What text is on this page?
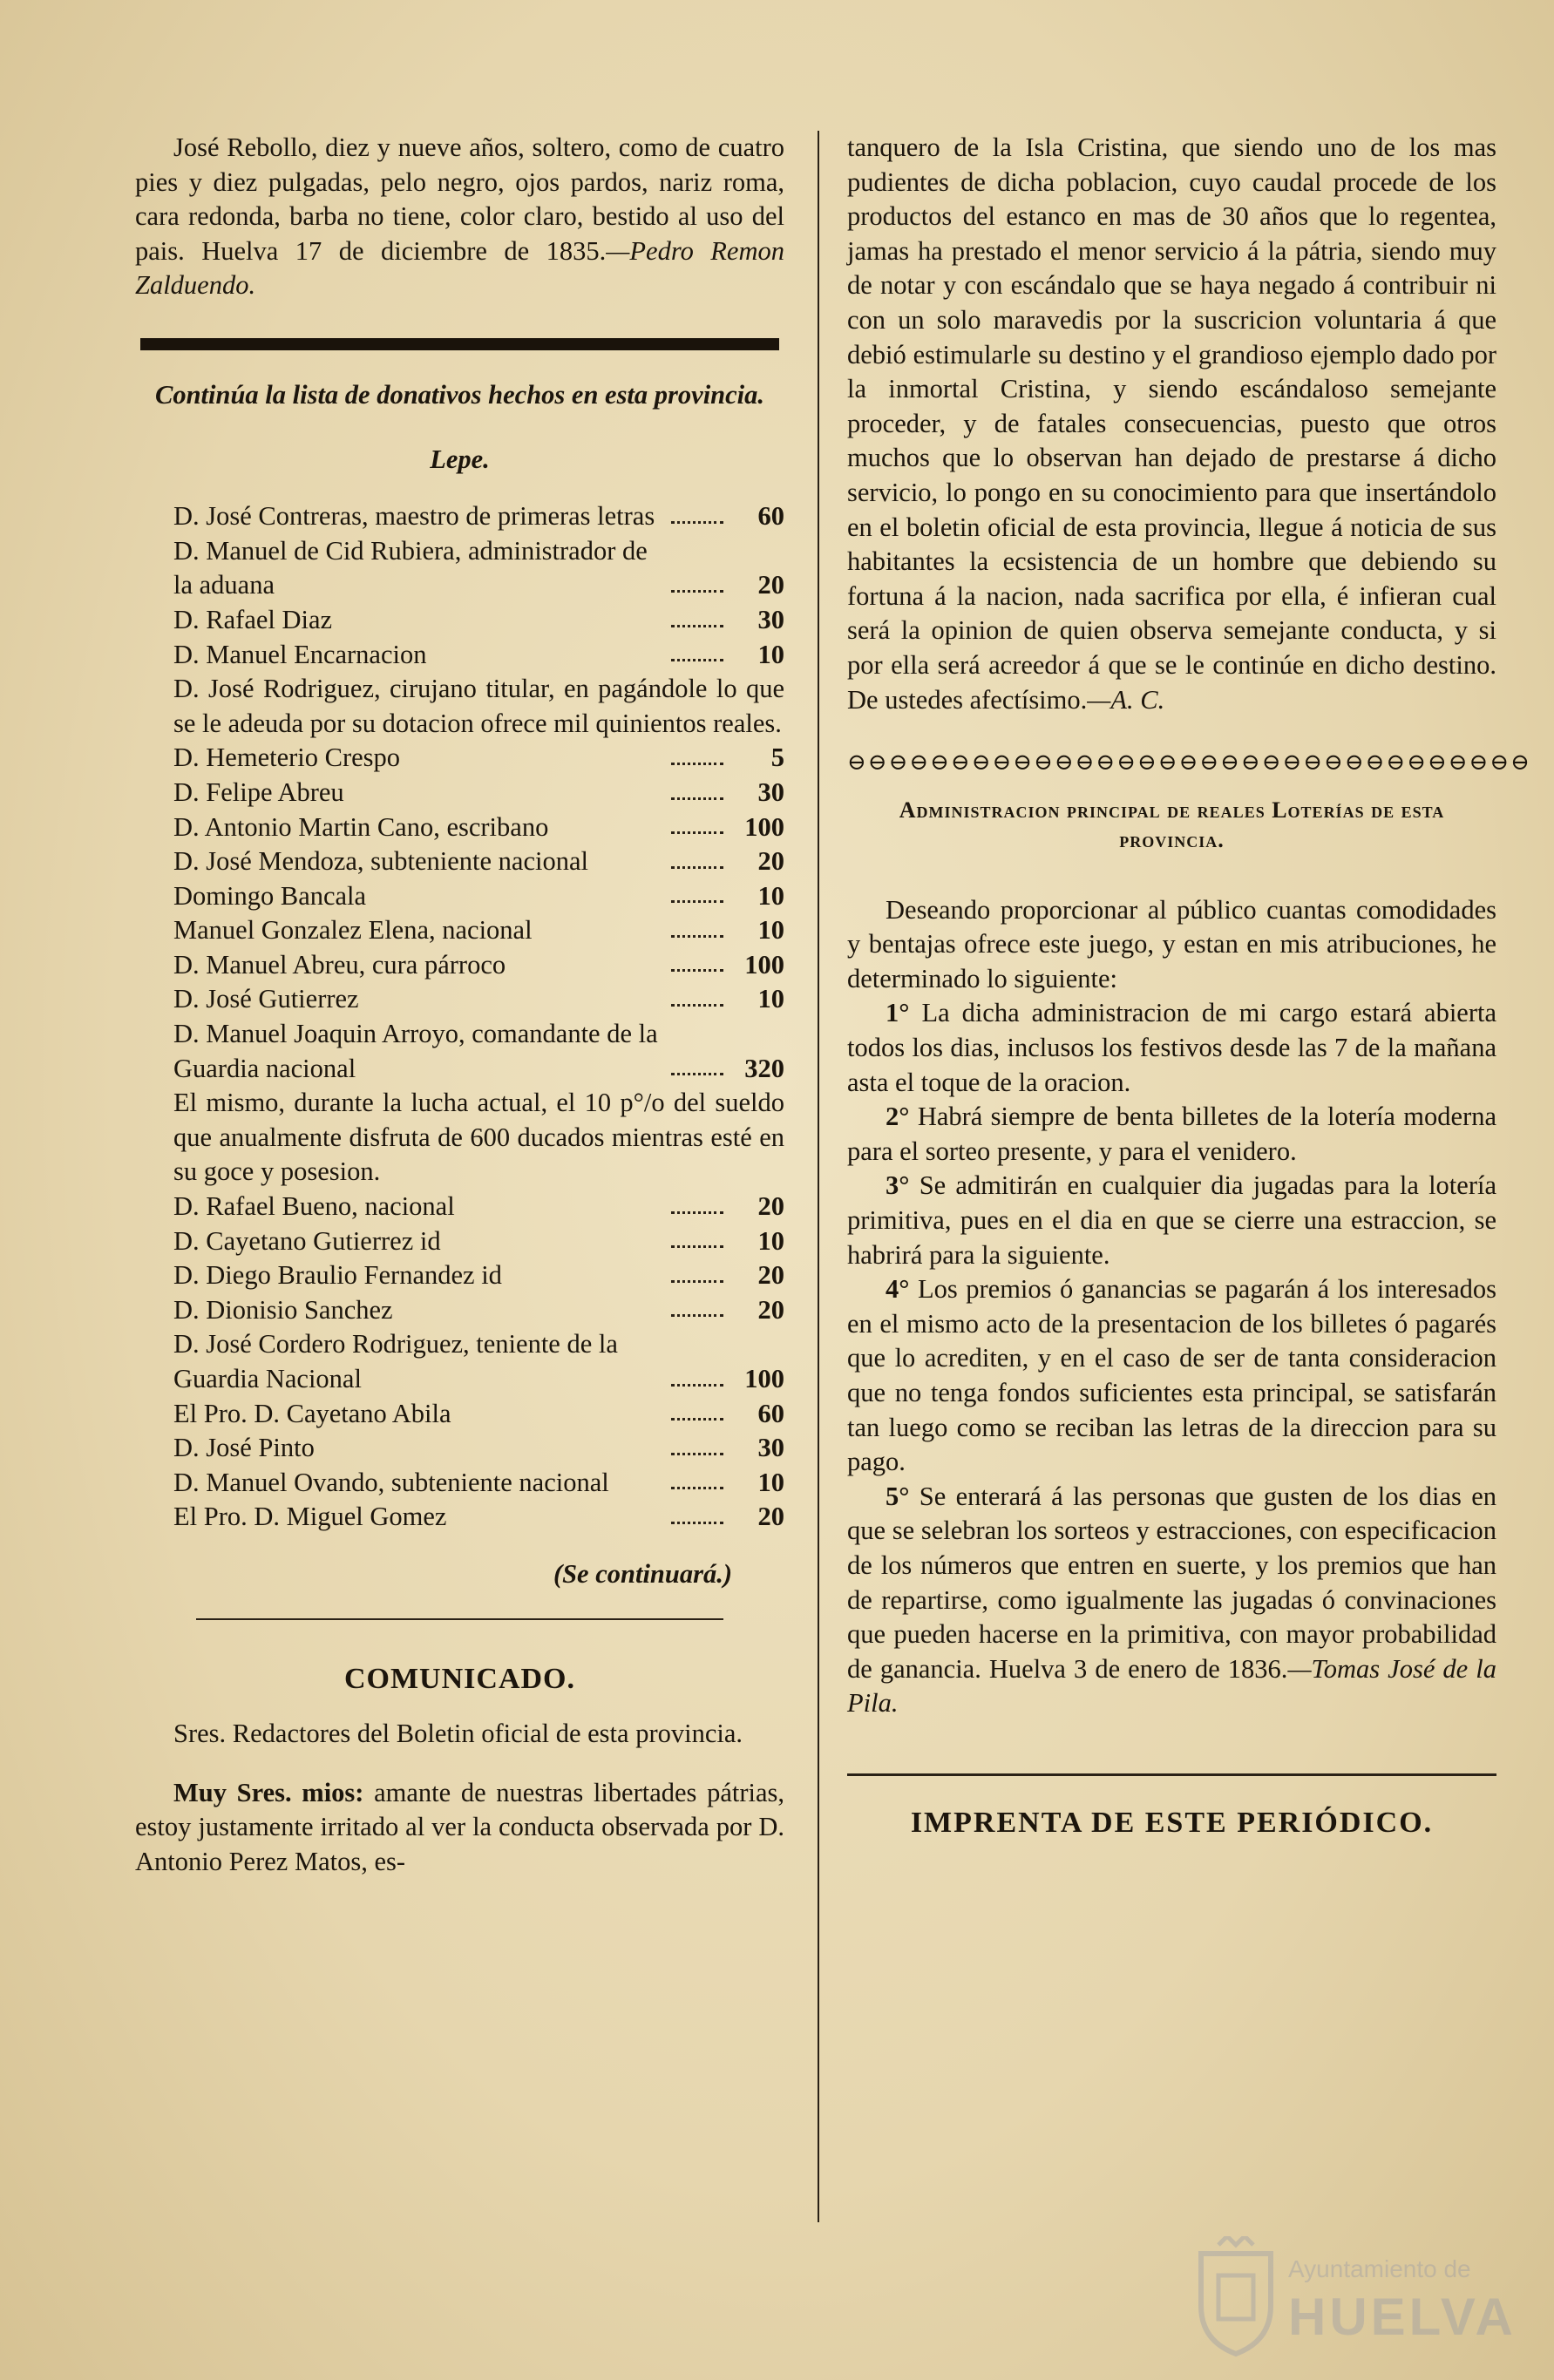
José Rebollo, diez y nueve años, soltero, como de cuatro pies y diez pulgadas, pelo negro, ojos pardos, nariz roma, cara redonda, barba no tiene, color claro, bestido al uso del pais. Huelva 17 de diciembre de 1835.—Pedro Remon Zalduendo.

Continúa la lista de donativos hechos en esta provincia.

Lepe.

D. José Contreras, maestro de primeras letras	60
D. Manuel de Cid Rubiera, administrador de la aduana	20
D. Rafael Diaz	30
D. Manuel Encarnacion	10
D. José Rodriguez, cirujano titular, en pagándole lo que se le adeuda por su dotacion ofrece mil quinientos reales.
D. Hemeterio Crespo	5
D. Felipe Abreu	30
D. Antonio Martin Cano, escribano	100
D. José Mendoza, subteniente nacional	20
Domingo Bancala	10
Manuel Gonzalez Elena, nacional	10
D. Manuel Abreu, cura párroco	100
D. José Gutierrez	10
D. Manuel Joaquin Arroyo, comandante de la Guardia nacional	320
El mismo, durante la lucha actual, el 10 p°/o del sueldo que anualmente disfruta de 600 ducados mientras esté en su goce y posesion.
D. Rafael Bueno, nacional	20
D. Cayetano Gutierrez id	10
D. Diego Braulio Fernandez id	20
D. Dionisio Sanchez	20
D. José Cordero Rodriguez, teniente de la Guardia Nacional	100
El Pro. D. Cayetano Abila	60
D. José Pinto	30
D. Manuel Ovando, subteniente nacional	10
El Pro. D. Miguel Gomez	20

(Se continuará.)

COMUNICADO.

Sres. Redactores del Boletin oficial de esta provincia.

Muy Sres. mios: amante de nuestras libertades pátrias, estoy justamente irritado al ver la conducta observada por D. Antonio Perez Matos, es-

tanquero de la Isla Cristina, que siendo uno de los mas pudientes de dicha poblacion, cuyo caudal procede de los productos del estanco en mas de 30 años que lo regentea, jamas ha prestado el menor servicio á la pátria, siendo muy de notar y con escándalo que se haya negado á contribuir ni con un solo maravedis por la suscricion voluntaria á que debió estimularle su destino y el grandioso ejemplo dado por la inmortal Cristina, y siendo escándaloso semejante proceder, y de fatales consecuencias, puesto que otros muchos que lo observan han dejado de prestarse á dicho servicio, lo pongo en su conocimiento para que insertándolo en el boletin oficial de esta provincia, llegue á noticia de sus habitantes la ecsistencia de un hombre que debiendo su fortuna á la nacion, nada sacrifica por ella, é infieran cual será la opinion de quien observa semejante conducta, y si por ella será acreedor á que se le continúe en dicho destino. De ustedes afectísimo.—A. C.

⊖⊖⊖⊖⊖⊖⊖⊖⊖⊖⊖⊖⊖⊖⊖⊖⊖⊖⊖⊖⊖⊖⊖⊖⊖⊖⊖⊖⊖⊖⊖⊖⊖

Administracion principal de reales Loterías de esta provincia.

Deseando proporcionar al público cuantas comodidades y bentajas ofrece este juego, y estan en mis atribuciones, he determinado lo siguiente:

1° La dicha administracion de mi cargo estará abierta todos los dias, inclusos los festivos desde las 7 de la mañana asta el toque de la oracion.

2° Habrá siempre de benta billetes de la lotería moderna para el sorteo presente, y para el venidero.

3° Se admitirán en cualquier dia jugadas para la lotería primitiva, pues en el dia en que se cierre una estraccion, se habrirá para la siguiente.

4° Los premios ó ganancias se pagarán á los interesados en el mismo acto de la presentacion de los billetes ó pagarés que lo acrediten, y en el caso de ser de tanta consideracion que no tenga fondos suficientes esta principal, se satisfarán tan luego como se reciban las letras de la direccion para su pago.

5° Se enterará á las personas que gusten de los dias en que se selebran los sorteos y estracciones, con especificacion de los números que entren en suerte, y los premios que han de repartirse, como igualmente las jugadas ó convinaciones que pueden hacerse en la primitiva, con mayor probabilidad de ganancia. Huelva 3 de enero de 1836.—Tomas José de la Pila.

IMPRENTA DE ESTE PERIÓDICO.

Ayuntamiento de
HUELVA
